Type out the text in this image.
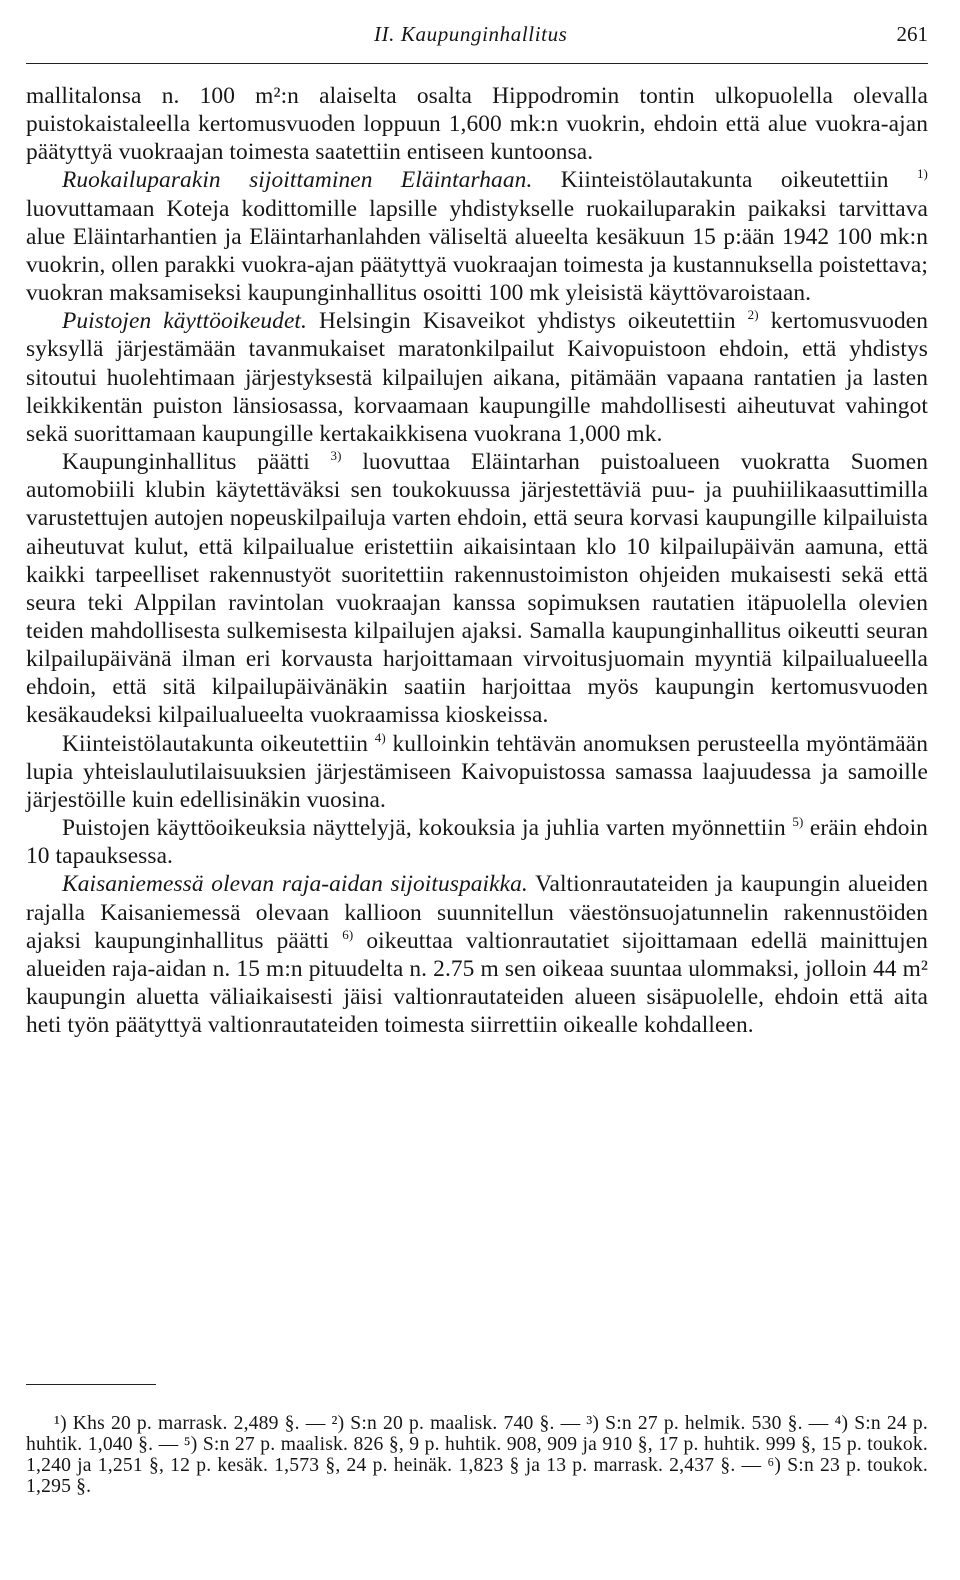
II. Kaupunginhallitus	261

mallitalonsa n. 100 m²:n alaiselta osalta Hippodromin tontin ulkopuolella olevalla puistokaistaleella kertomusvuoden loppuun 1,600 mk:n vuokrin, ehdoin että alue vuokra-ajan päätyttyä vuokraajan toimesta saatettiin entiseen kuntoonsa.

Ruokailuparakin sijoittaminen Eläintarhaan. Kiinteistölautakunta oikeutettiin $^{1)}$ luovuttamaan Koteja kodittomille lapsille yhdistykselle ruokailuparakin paikaksi tarvittava alue Eläintarhantien ja Eläintarhanlahden väliseltä alueelta kesäkuun 15 p:ään 1942 100 mk:n vuokrin, ollen parakki vuokra-ajan päätyttyä vuokraajan toimesta ja kustannuksella poistettava; vuokran maksamiseksi kaupunginhallitus osoitti 100 mk yleisistä käyttövaroistaan.

Puistojen käyttöoikeudet. Helsingin Kisaveikot yhdistys oikeutettiin $^{2)}$ kertomusvuoden syksyllä järjestämään tavanmukaiset maratonkilpailut Kaivopuistoon ehdoin, että yhdistys sitoutui huolehtimaan järjestyksestä kilpailujen aikana, pitämään vapaana rantatien ja lasten leikkikentän puiston länsiosassa, korvaamaan kaupungille mahdollisesti aiheutuvat vahingot sekä suorittamaan kaupungille kertakaikkisena vuokrana 1,000 mk.

Kaupunginhallitus päätti $^{3)}$ luovuttaa Eläintarhan puistoalueen vuokratta Suomen automobiili klubin käytettäväksi sen toukokuussa järjestettäviä puu- ja puuhiilikaasuttimilla varustettujen autojen nopeuskilpailuja varten ehdoin, että seura korvasi kaupungille kilpailuista aiheutuvat kulut, että kilpailualue eristettiin aikaisintaan klo 10 kilpailupäivän aamuna, että kaikki tarpeelliset rakennustyöt suoritettiin rakennustoimiston ohjeiden mukaisesti sekä että seura teki Alppilan ravintolan vuokraajan kanssa sopimuksen rautatien itäpuolella olevien teiden mahdollisesta sulkemisesta kilpailujen ajaksi. Samalla kaupunginhallitus oikeutti seuran kilpailupäivänä ilman eri korvausta harjoittamaan virvoitusjuomain myyntiä kilpailualueella ehdoin, että sitä kilpailupäivänäkin saatiin harjoittaa myös kaupungin kertomusvuoden kesäkaudeksi kilpailualueelta vuokraamissa kioskeissa.

Kiinteistölautakunta oikeutettiin $^{4)}$ kulloinkin tehtävän anomuksen perusteella myöntämään lupia yhteislaulutilaisuuksien järjestämiseen Kaivopuistossa samassa laajuudessa ja samoille järjestöille kuin edellisinäkin vuosina.

Puistojen käyttöoikeuksia näyttelyjä, kokouksia ja juhlia varten myönnettiin $^{5)}$ eräin ehdoin 10 tapauksessa.

Kaisaniemessä olevan raja-aidan sijoituspaikka. Valtionrautateiden ja kaupungin alueiden rajalla Kaisaniemessä olevaan kallioon suunnitellun väestönsuojatunnelin rakennustöiden ajaksi kaupunginhallitus päätti $^{6)}$ oikeuttaa valtionrautatiet sijoittamaan edellä mainittujen alueiden raja-aidan n. 15 m:n pituudelta n. 2.75 m sen oikeaa suuntaa ulommaksi, jolloin 44 m² kaupungin aluetta väliaikaisesti jäisi valtionrautateiden alueen sisäpuolelle, ehdoin että aita heti työn päätyttyä valtionrautateiden toimesta siirrettiin oikealle kohdalleen.

¹) Khs 20 p. marrask. 2,489 §. — ²) S:n 20 p. maalisk. 740 §. — ³) S:n 27 p. helmik. 530 §. — ⁴) S:n 24 p. huhtik. 1,040 §. — ⁵) S:n 27 p. maalisk. 826 §, 9 p. huhtik. 908, 909 ja 910 §, 17 p. huhtik. 999 §, 15 p. toukok. 1,240 ja 1,251 §, 12 p. kesäk. 1,573 §, 24 p. heinäk. 1,823 § ja 13 p. marrask. 2,437 §. — ⁶) S:n 23 p. toukok. 1,295 §.
